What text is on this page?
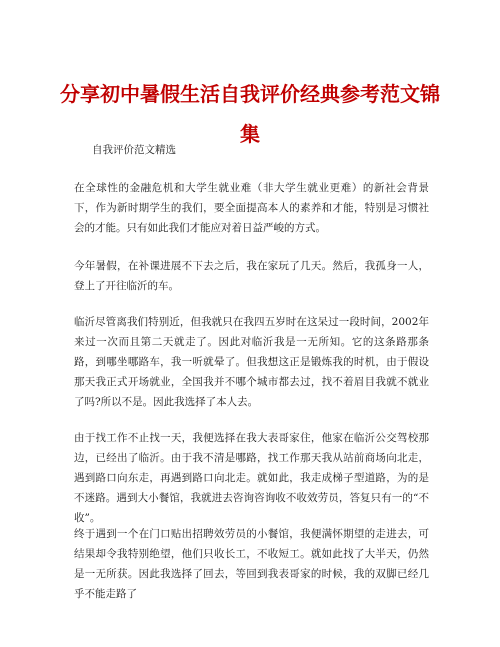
分享初中暑假生活自我评价经典参考范文锦集
自我评价范文精选
在全球性的金融危机和大学生就业难（非大学生就业更难）的新社会背景下，作为新时期学生的我们，要全面提高本人的素养和才能，特别是习惯社会的才能。只有如此我们才能应对着日益严峻的方式。
今年暑假，在补课进展不下去之后，我在家玩了几天。然后，我孤身一人，登上了开往临沂的车。
临沂尽管离我们特别近，但我就只在我四五岁时在这呆过一段时间，2002年来过一次而且第二天就走了。因此对临沂我是一无所知。它的这条路那条路，到哪坐哪路车，我一听就晕了。但我想这正是锻炼我的时机，由于假设那天我正式开场就业，全国我并不哪个城市都去过，找不着眉目我就不就业了吗?所以不是。因此我选择了本人去。
由于找工作不止找一天，我便选择在我大表哥家住，他家在临沂公交驾校那边，已经出了临沂。由于我不清是哪路，找工作那天我从站前商场向北走，遇到路口向东走，再遇到路口向北走。就如此，我走成梯子型道路，为的是不迷路。遇到大小餐馆，我就进去咨询咨询收不收效劳员，答复只有一的“不收”。
终于遇到一个在门口贴出招聘效劳员的小餐馆，我便满怀期望的走进去，可结果却令我特别绝望，他们只收长工，不收短工。就如此找了大半天，仍然是一无所获。因此我选择了回去，等回到我表哥家的时候，我的双脚已经几乎不能走路了
